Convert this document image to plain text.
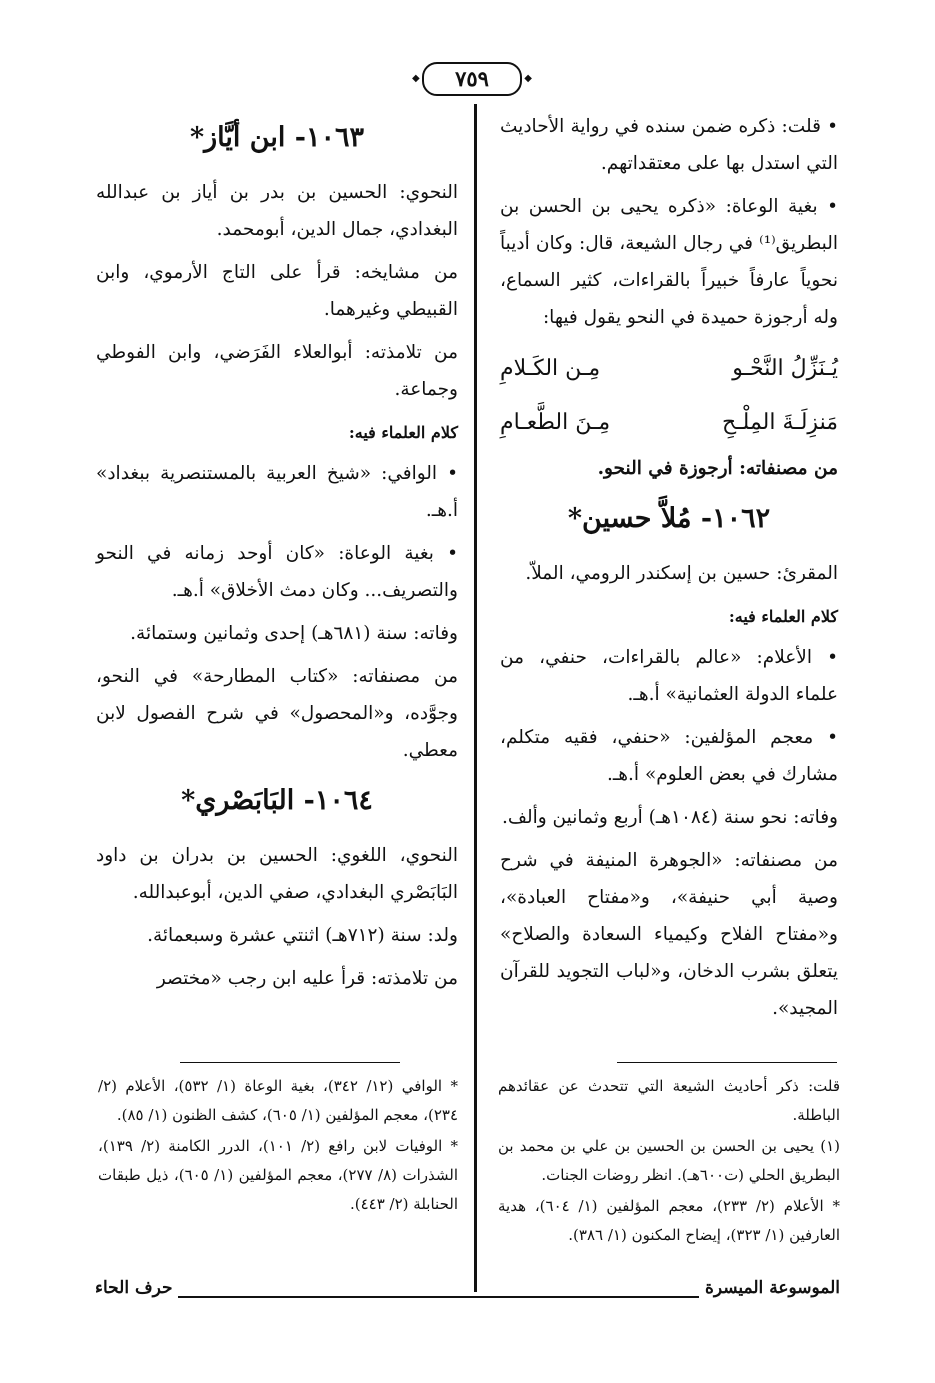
◆ ٧٥٩ ◆

• قلت: ذكره ضمن سنده في رواية الأحاديث التي استدل بها على معتقداتهم.

• بغية الوعاة: «ذكره يحيى بن الحسن بن البطريق⁽¹⁾ في رجال الشيعة، قال: وكان أديباً نحوياً عارفاً خبيراً بالقراءات، كثير السماع، وله أرجوزة حميدة في النحو يقول فيها:

يُـنَزِّلُ النَّحْـو
مِـن الكَـلامِ
مَنزِلَـةَ المِلْـحِ
مِـنَ الطَّعـامِ

من مصنفاته: أرجوزة في النحو.

١٠٦٢- مُلاَّ حسين*

المقرئ: حسين بن إسكندر الرومي، الملاّ.

كلام العلماء فيه:

• الأعلام: «عالم بالقراءات، حنفي، من علماء الدولة العثمانية» أ.هـ.

• معجم المؤلفين: «حنفي، فقيه متكلم، مشارك في بعض العلوم» أ.هـ.

وفاته: نحو سنة (١٠٨٤هـ) أربع وثمانين وألف.

من مصنفاته: «الجوهرة المنيفة في شرح وصية أبي حنيفة»، و«مفتاح العبادة»، و«مفتاح الفلاح وكيمياء السعادة والصلاح» يتعلق بشرب الدخان، و«لباب التجويد للقرآن المجيد».

١٠٦٣- ابن أيَّاز*

النحوي: الحسين بن بدر بن أياز بن عبدالله البغدادي، جمال الدين، أبومحمد.

من مشايخه: قرأ على التاج الأرموي، وابن القبيطي وغيرهما.

من تلامذته: أبوالعلاء الفَرَضي، وابن الفوطي وجماعة.

كلام العلماء فيه:

• الوافي: «شيخ العربية بالمستنصرية ببغداد» أ.هـ.

• بغية الوعاة: «كان أوحد زمانه في النحو والتصريف... وكان دمث الأخلاق» أ.هـ.

وفاته: سنة (٦٨١هـ) إحدى وثمانين وستمائة.

من مصنفاته: «كتاب المطارحة» في النحو، وجوَّده، و«المحصول» في شرح الفصول لابن معطي.

١٠٦٤- البَابَصْري*

النحوي، اللغوي: الحسين بن بدران بن داود البَابَصْري البغدادي، صفي الدين، أبوعبدالله.

ولد: سنة (٧١٢هـ) اثنتي عشرة وسبعمائة.

من تلامذته: قرأ عليه ابن رجب «مختصر

قلت: ذكر أحاديث الشيعة التي تتحدث عن عقائدهم الباطلة.

(١) يحيى بن الحسن بن الحسين بن علي بن محمد بن البطريق الحلي (ت٦٠٠هـ). انظر روضات الجنات.

* الأعلام (٢/ ٢٣٣)، معجم المؤلفين (١/ ٦٠٤)، هدية العارفين (١/ ٣٢٣)، إيضاح المكنون (١/ ٣٨٦).

* الوافي (١٢/ ٣٤٢)، بغية الوعاة (١/ ٥٣٢)، الأعلام (٢/ ٢٣٤)، معجم المؤلفين (١/ ٦٠٥)، كشف الظنون (١/ ٨٥).

* الوفيات لابن رافع (٢/ ١٠١)، الدرر الكامنة (٢/ ١٣٩)، الشذرات (٨/ ٢٧٧)، معجم المؤلفين (١/ ٦٠٥)، ذيل طبقات الحنابلة (٢/ ٤٤٣).

الموسوعة الميسرة
حرف الحاء
